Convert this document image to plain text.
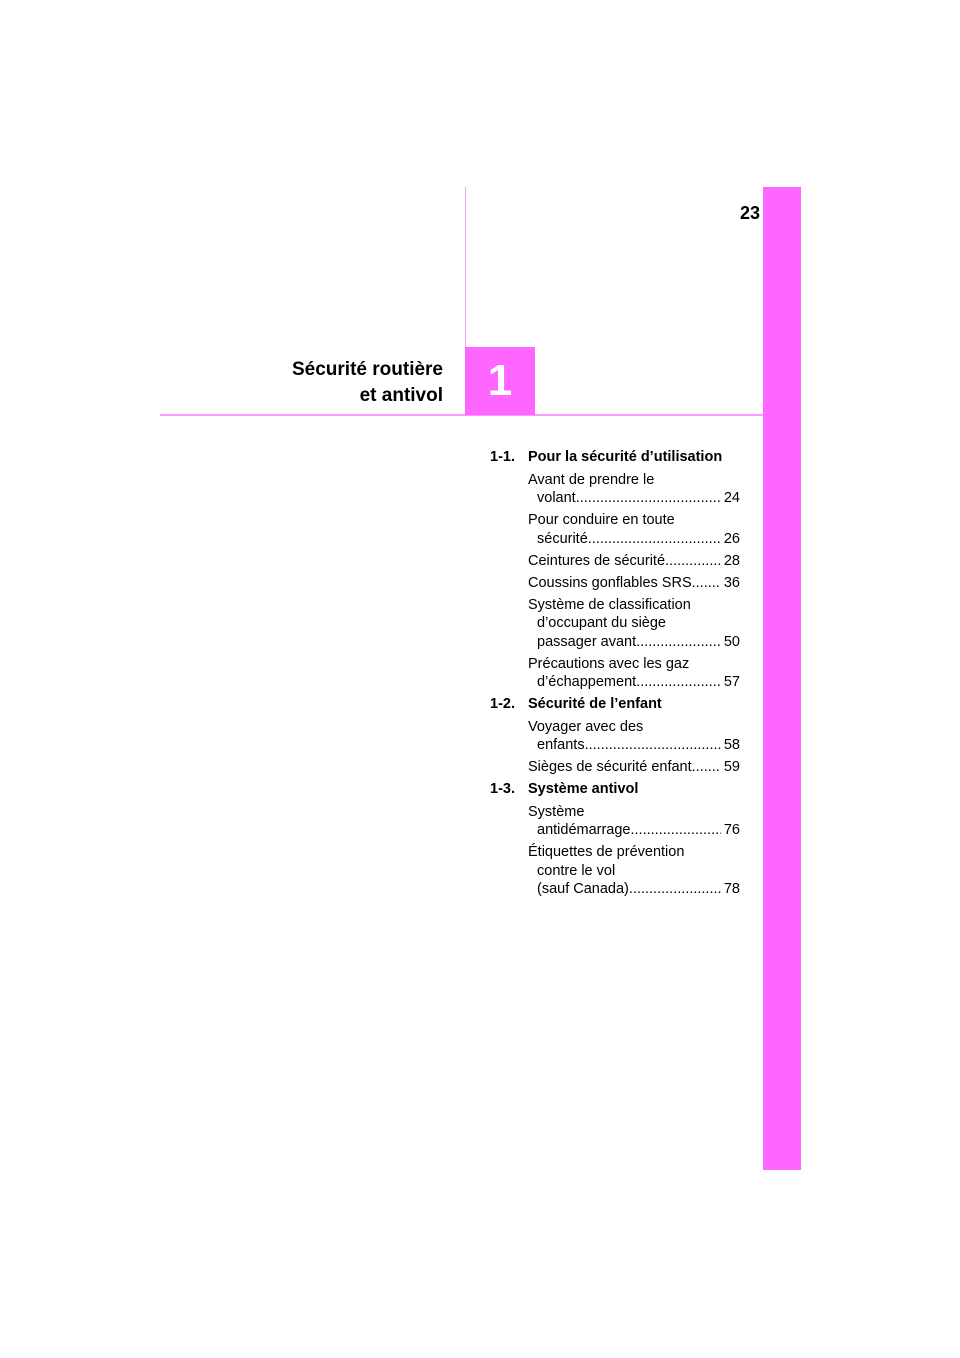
23
Sécurité routière
et antivol 1
1-1. Pour la sécurité d’utilisation
Avant de prendre le
volant .....	24
Pour conduire en toute
sécurité .....	26
Ceintures de sécurité .....	28
Coussins gonflables SRS ..... 36
Système de classification
d’occupant du siège
passager avant .....	50
Précautions avec les gaz
d’échappement .....	57
1-2. Sécurité de l’enfant
Voyager avec des
enfants .....	58
Sièges de sécurité enfant ..... 59
1-3. Système antivol
Système
antidémarrage .....	76
Étiquettes de prévention
contre le vol
(sauf Canada) .....	78
